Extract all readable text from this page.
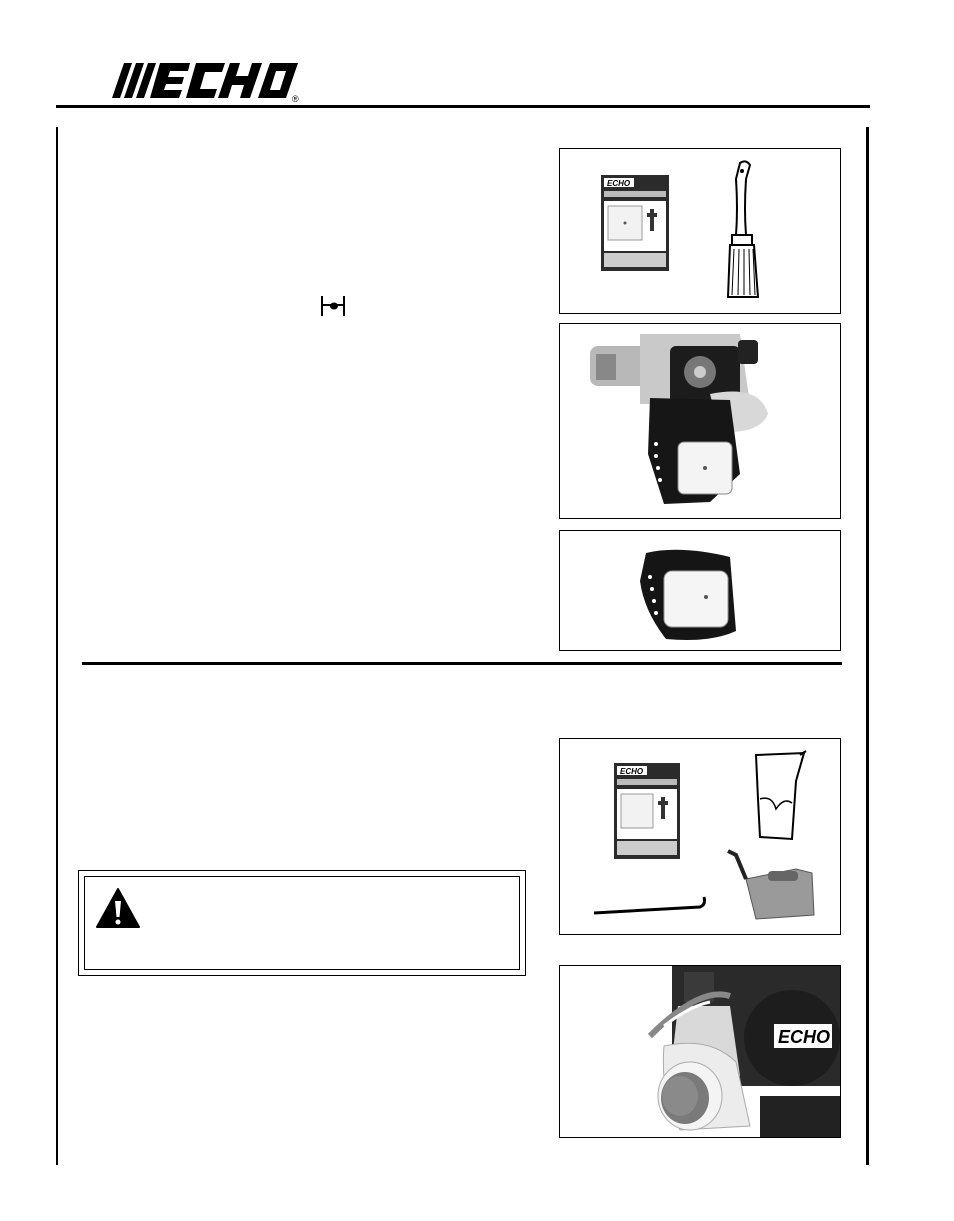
®
ECHO
ECHO
ECHO
